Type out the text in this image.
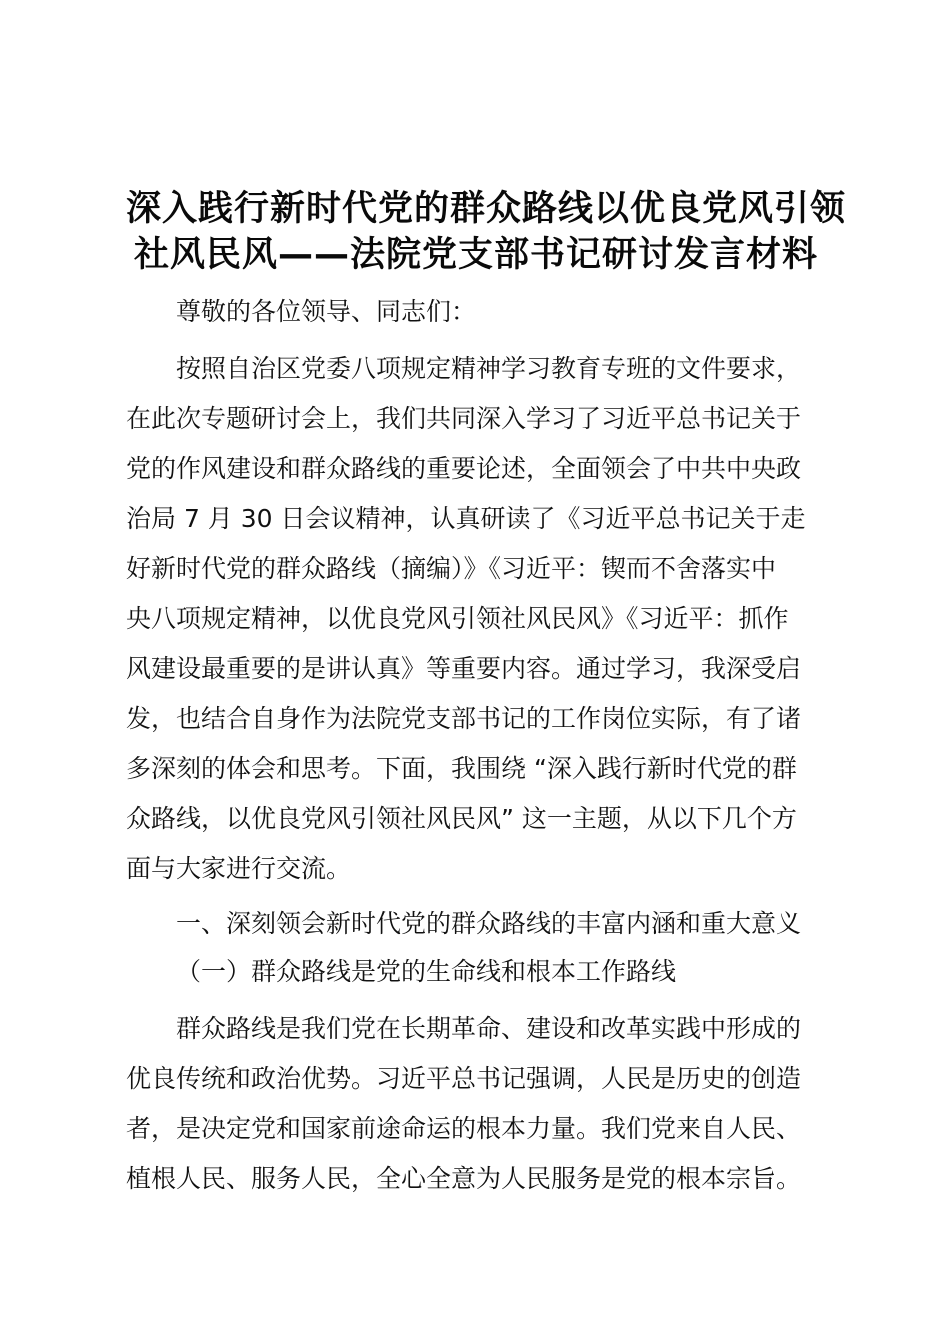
深入践行新时代党的群众路线以优良党风引领
社风民风——法院党支部书记研讨发言材料

尊敬的各位领导、同志们：

按照自治区党委八项规定精神学习教育专班的文件要求，
在此次专题研讨会上，我们共同深入学习了习近平总书记关于
党的作风建设和群众路线的重要论述，全面领会了中共中央政
治局 7 月 30 日会议精神，认真研读了《习近平总书记关于走
好新时代党的群众路线（摘编）》《习近平：锲而不舍落实中
央八项规定精神，以优良党风引领社风民风》《习近平：抓作
风建设最重要的是讲认真》等重要内容。通过学习，我深受启
发，也结合自身作为法院党支部书记的工作岗位实际，有了诸
多深刻的体会和思考。下面，我围绕 “深入践行新时代党的群
众路线，以优良党风引领社风民风” 这一主题，从以下几个方
面与大家进行交流。

一、深刻领会新时代党的群众路线的丰富内涵和重大意义

（一）群众路线是党的生命线和根本工作路线

群众路线是我们党在长期革命、建设和改革实践中形成的
优良传统和政治优势。习近平总书记强调，人民是历史的创造
者，是决定党和国家前途命运的根本力量。我们党来自人民、
植根人民、服务人民，全心全意为人民服务是党的根本宗旨。
